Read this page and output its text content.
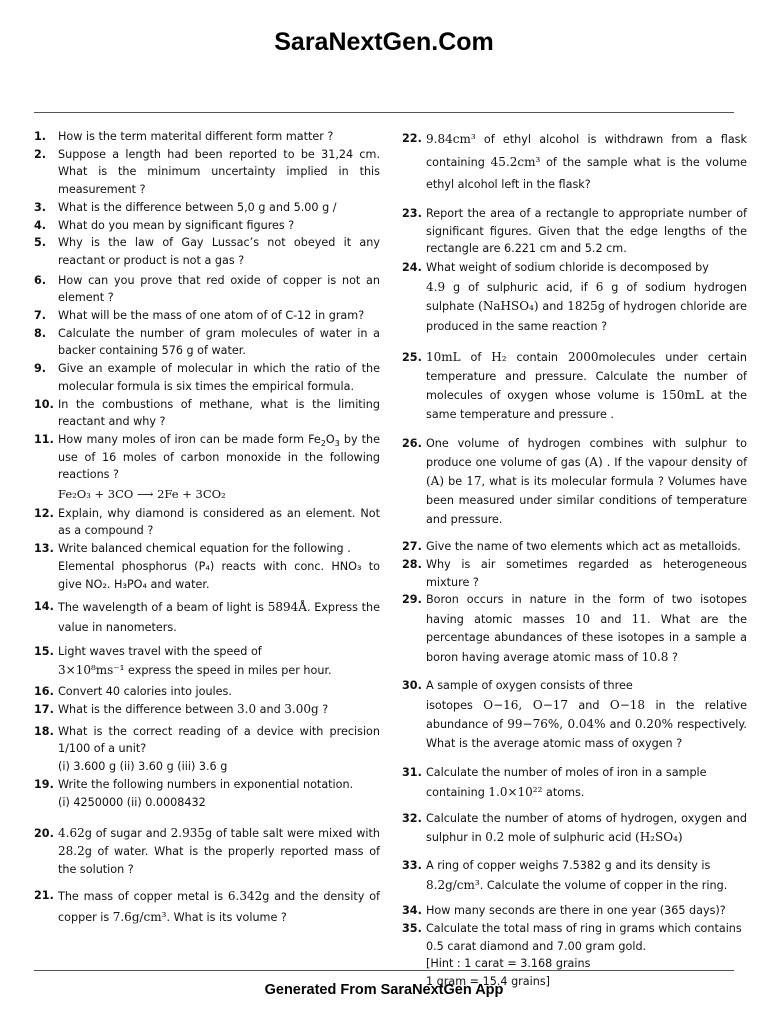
SaraNextGen.Com
1.	How is the term materital different form matter ?
2.	Suppose a length had been reported to be 31,24 cm. What is the minimum uncertainty implied in this measurement ?
3.	What is the difference between 5,0 g and 5.00 g /
4.	What do you mean by significant figures ?
5.	Why is the law of Gay Lussac’s not obeyed it any reactant or product is not a gas ?
6.	How can you prove that red oxide of copper is not an element ?
7.	What will be the mass of one atom of of C-12 in gram?
8.	Calculate the number of gram molecules of water in a backer containing 576 g of water.
9.	Give an example of molecular in which the ratio of the molecular formula is six times the empirical formula.
10. In the combustions of methane, what is the limiting reactant and why ?
11. How many moles of iron can be made form $Fe_2O_3$ by the use of 16 moles of carbon monoxide in the following reactions ?
Fe₂O₃ + 3CO ⟶ 2Fe + 3CO₂
12. Explain, why diamond is considered as an element. Not as a compound ?
13. Write balanced chemical equation for the following .
Elemental phosphorus (P₄) reacts with conc. HNO₃ to give NO₂. H₃PO₄ and water.
14. The wavelength of a beam of light is 5894Å. Express the value in nanometers.
15. Light waves travel with the speed of
3×10⁸ms⁻¹ express the speed in miles per hour.
16. Convert 40 calories into joules.
17. What is the difference between 3.0 and 3.00g ?
18. What is the correct reading of a device with precision 1/100 of a unit?
(i) 3.600 g (ii) 3.60 g (iii) 3.6 g
19. Write the following numbers in exponential notation.
(i) 4250000 (ii) 0.0008432
20. 4.62g of sugar and 2.935g of table salt were mixed with 28.2g of water. What is the properly reported mass of the solution ?
21. The mass of copper metal is 6.342g and the density of copper is 7.6g/cm³. What is its volume ?
22. 9.84cm³ of ethyl alcohol is withdrawn from a flask containing 45.2cm³ of the sample what is the volume ethyl alcohol left in the flask?
23. Report the area of a rectangle to appropriate number of significant figures. Given that the edge lengths of the rectangle are 6.221 cm and 5.2 cm.
24. What weight of sodium chloride is decomposed by
4.9 g of sulphuric acid, if 6 g of sodium hydrogen sulphate (NaHSO₄) and 1825g of hydrogen chloride are produced in the same reaction ?
25. 10mL of H₂ contain 2000molecules under certain temperature and pressure. Calculate the number of molecules of oxygen whose volume is 150mL at the same temperature and pressure .
26. One volume of hydrogen combines with sulphur to produce one volume of gas (A) . If the vapour density of (A) be 17, what is its molecular formula ? Volumes have been measured under similar conditions of temperature and pressure.
27. Give the name of two elements which act as metalloids.
28. Why is air sometimes regarded as heterogeneous mixture ?
29. Boron occurs in nature in the form of two isotopes having atomic masses 10 and 11. What are the percentage abundances of these isotopes in a sample a boron having average atomic mass of 10.8 ?
30. A sample of oxygen consists of three
isotopes O−16, O−17 and O−18 in the relative abundance of 99−76%, 0.04% and 0.20% respectively. What is the average atomic mass of oxygen ?
31. Calculate the number of moles of iron in a sample
containing 1.0×10²² atoms.
32. Calculate the number of atoms of hydrogen, oxygen and sulphur in 0.2 mole of sulphuric acid (H₂SO₄)
33. A ring of copper weighs 7.5382 g and its density is
8.2g/cm³. Calculate the volume of copper in the ring.
34. How many seconds are there in one year (365 days)?
35. Calculate the total mass of ring in grams which contains
0.5 carat diamond and 7.00 gram gold.
[Hint : 1 carat = 3.168 grains
1 gram = 15.4 grains]
Generated From SaraNextGen App
